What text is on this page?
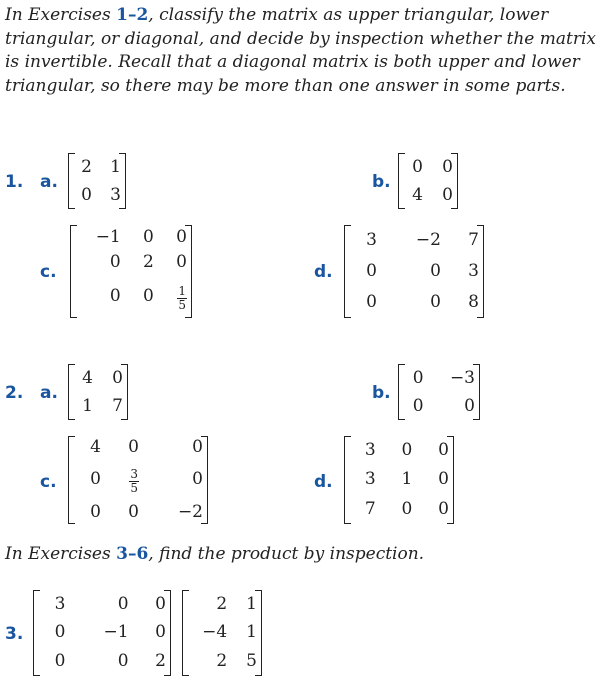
In Exercises 1–2, classify the matrix as upper triangular, lower triangular, or diagonal, and decide by inspection whether the matrix is invertible. Recall that a diagonal matrix is both upper and lower triangular, so there may be more than one answer in some parts.

1. a.
2	1
0	3
b.
0	0
4	0
c.
−1	0	0
0	2	0
0	0	$\frac{1}{5}$
d.
3	−2	7
0	0	3
0	0	8
2. a.
4	0
1	7
b.
0	−3
0	0
c.
4	0	0
0	$\frac{3}{5}$	0
0	0	−2
d.
3	0	0
3	1	0
7	0	0

In Exercises 3–6, find the product by inspection.

3.
3	0	0
0	−1	0
0	0	2
2	1
−4	1
2	5
